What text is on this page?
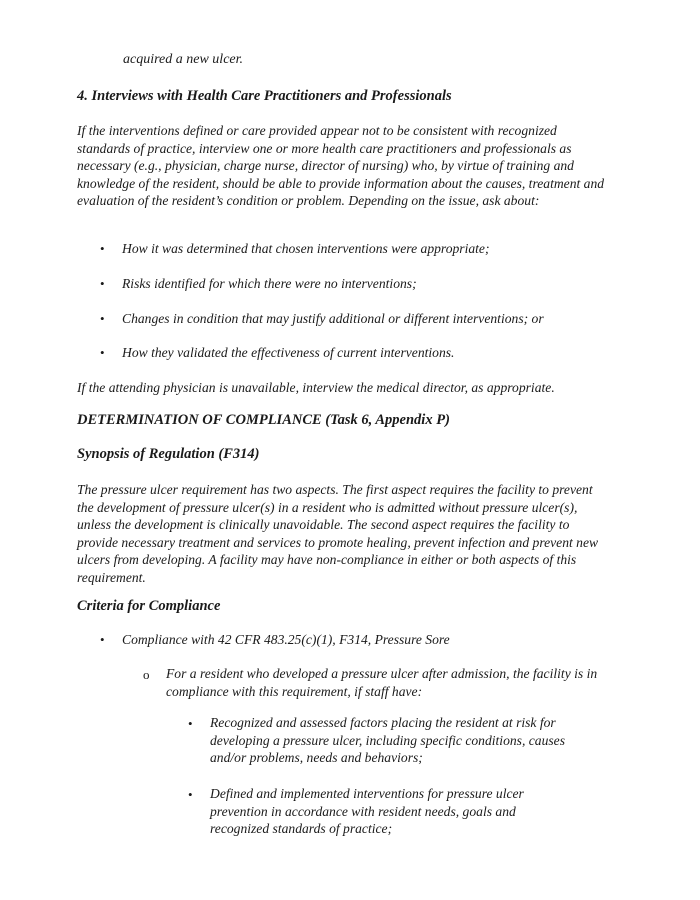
acquired a new ulcer.
4. Interviews with Health Care Practitioners and Professionals
If the interventions defined or care provided appear not to be consistent with recognized standards of practice, interview one or more health care practitioners and professionals as necessary (e.g., physician, charge nurse, director of nursing) who, by virtue of training and knowledge of the resident, should be able to provide information about the causes, treatment and evaluation of the resident’s condition or problem. Depending on the issue, ask about:
• How it was determined that chosen interventions were appropriate;
• Risks identified for which there were no interventions;
• Changes in condition that may justify additional or different interventions; or
• How they validated the effectiveness of current interventions.
If the attending physician is unavailable, interview the medical director, as appropriate.
DETERMINATION OF COMPLIANCE (Task 6, Appendix P)
Synopsis of Regulation (F314)
The pressure ulcer requirement has two aspects. The first aspect requires the facility to prevent the development of pressure ulcer(s) in a resident who is admitted without pressure ulcer(s), unless the development is clinically unavoidable. The second aspect requires the facility to provide necessary treatment and services to promote healing, prevent infection and prevent new ulcers from developing. A facility may have non-compliance in either or both aspects of this requirement.
Criteria for Compliance
• Compliance with 42 CFR 483.25(c)(1), F314, Pressure Sore
o For a resident who developed a pressure ulcer after admission, the facility is in compliance with this requirement, if staff have:
• Recognized and assessed factors placing the resident at risk for developing a pressure ulcer, including specific conditions, causes and/or problems, needs and behaviors;
• Defined and implemented interventions for pressure ulcer prevention in accordance with resident needs, goals and recognized standards of practice;
